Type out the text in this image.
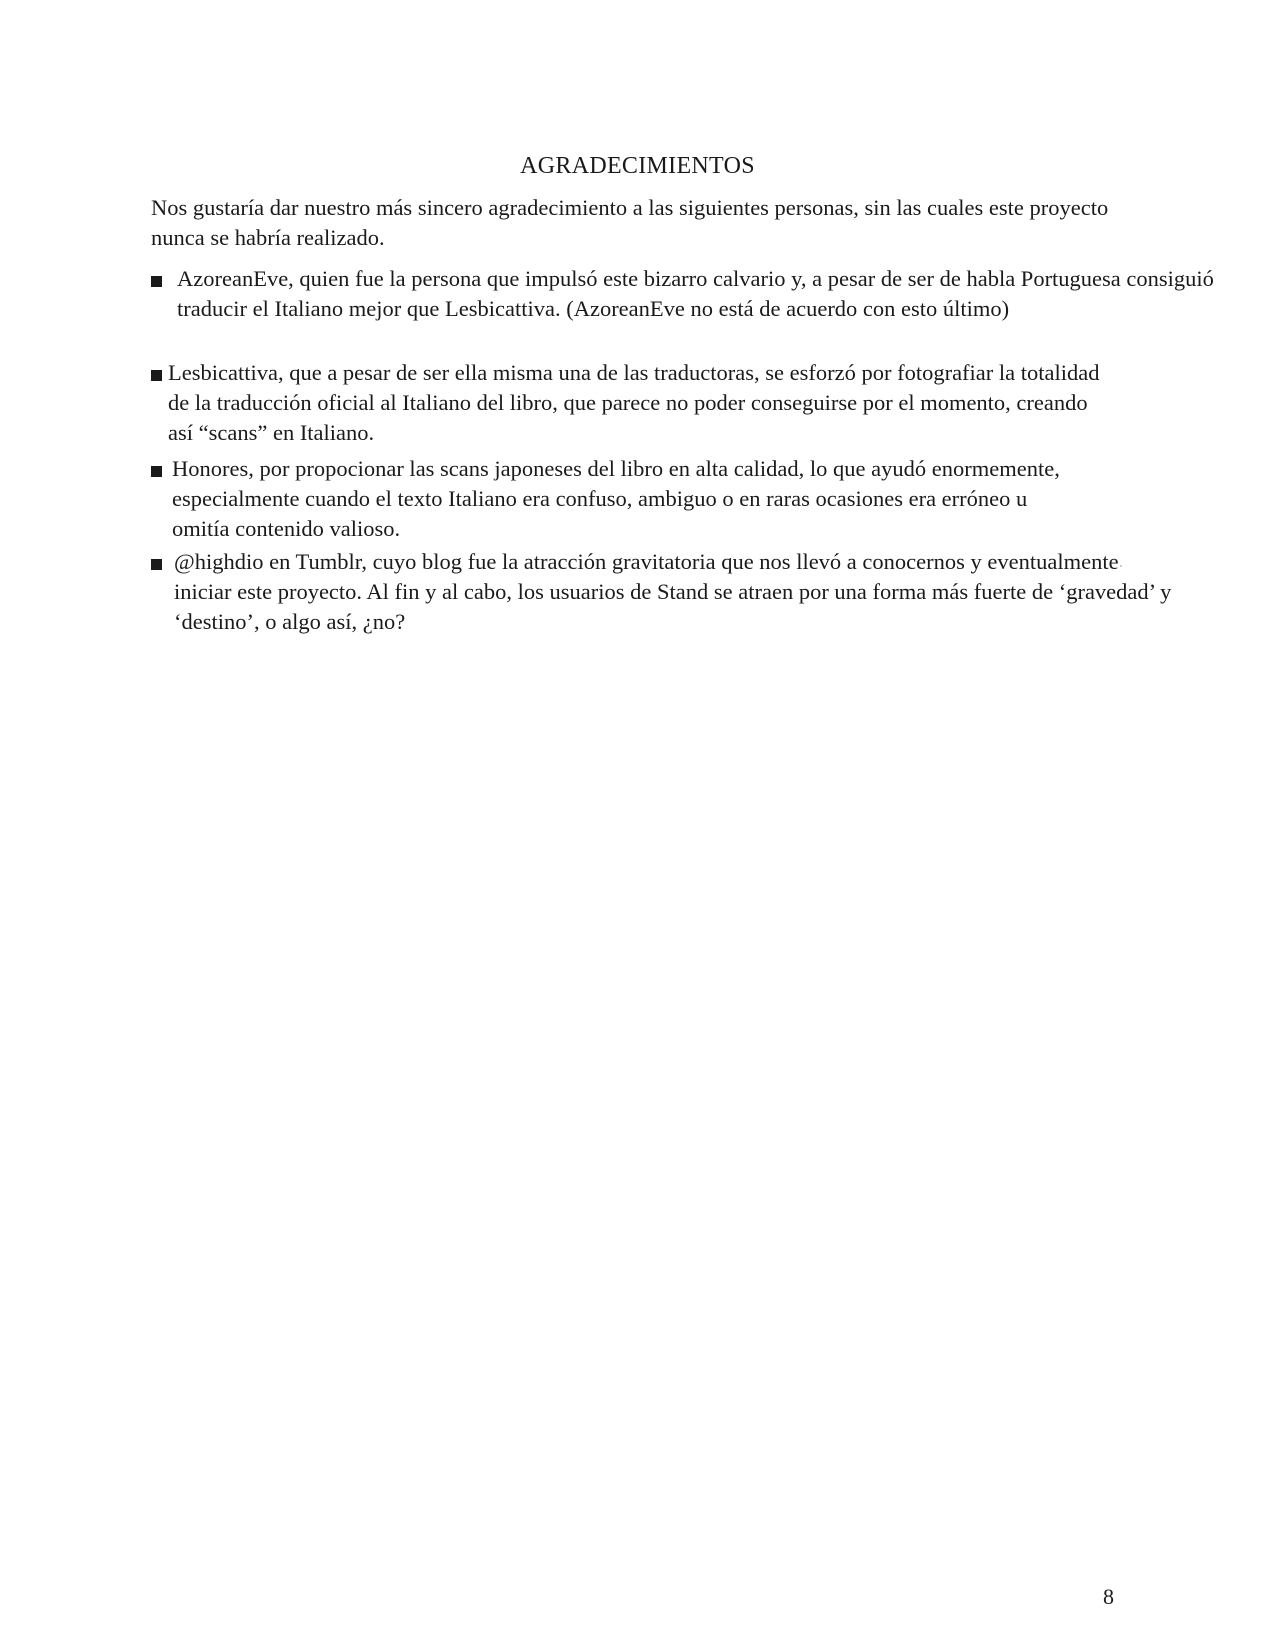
AGRADECIMIENTOS

Nos gustaría dar nuestro más sincero agradecimiento a las siguientes personas, sin las cuales este proyecto nunca se habría realizado.

AzoreanEve, quien fue la persona que impulsó este bizarro calvario y, a pesar de ser de habla Portuguesa consiguió traducir el Italiano mejor que Lesbicattiva. (AzoreanEve no está de acuerdo con esto último)

Lesbicattiva, que a pesar de ser ella misma una de las traductoras, se esforzó por fotografiar la totalidad de la traducción oficial al Italiano del libro, que parece no poder conseguirse por el momento, creando así “scans” en Italiano.

Honores, por propocionar las scans japoneses del libro en alta calidad, lo que ayudó enormemente, especialmente cuando el texto Italiano era confuso, ambiguo o en raras ocasiones era erróneo u omitía contenido valioso.

@highdio en Tumblr, cuyo blog fue la atracción gravitatoria que nos llevó a conocernos y eventualmente iniciar este proyecto. Al fin y al cabo, los usuarios de Stand se atraen por una forma más fuerte de ‘gravedad’ y ‘destino’, o algo así, ¿no?

8
